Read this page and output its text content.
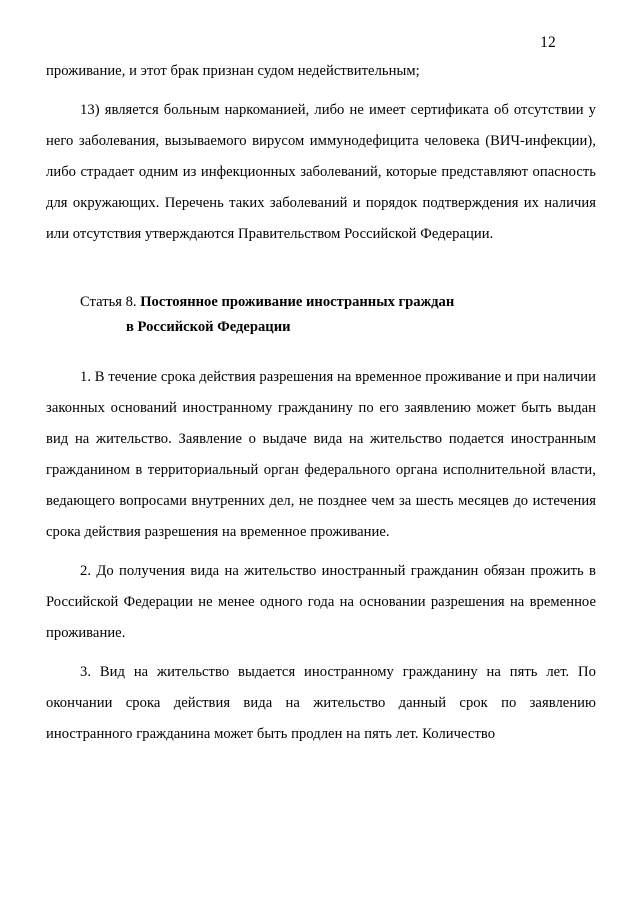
12

проживание, и этот брак признан судом недействительным;

13) является больным наркоманией, либо не имеет сертификата об отсутствии у него заболевания, вызываемого вирусом иммунодефицита человека (ВИЧ-инфекции), либо страдает одним из инфекционных заболеваний, которые представляют опасность для окружающих. Перечень таких заболеваний и порядок подтверждения их наличия или отсутствия утверждаются Правительством Российской Федерации.

Статья 8. Постоянное проживание иностранных граждан
в Российской Федерации

1. В течение срока действия разрешения на временное проживание и при наличии законных оснований иностранному гражданину по его заявлению может быть выдан вид на жительство. Заявление о выдаче вида на жительство подается иностранным гражданином в территориальный орган федерального органа исполнительной власти, ведающего вопросами внутренних дел, не позднее чем за шесть месяцев до истечения срока действия разрешения на временное проживание.

2. До получения вида на жительство иностранный гражданин обязан прожить в Российской Федерации не менее одного года на основании разрешения на временное проживание.

3. Вид на жительство выдается иностранному гражданину на пять лет. По окончании срока действия вида на жительство данный срок по заявлению иностранного гражданина может быть продлен на пять лет. Количество
